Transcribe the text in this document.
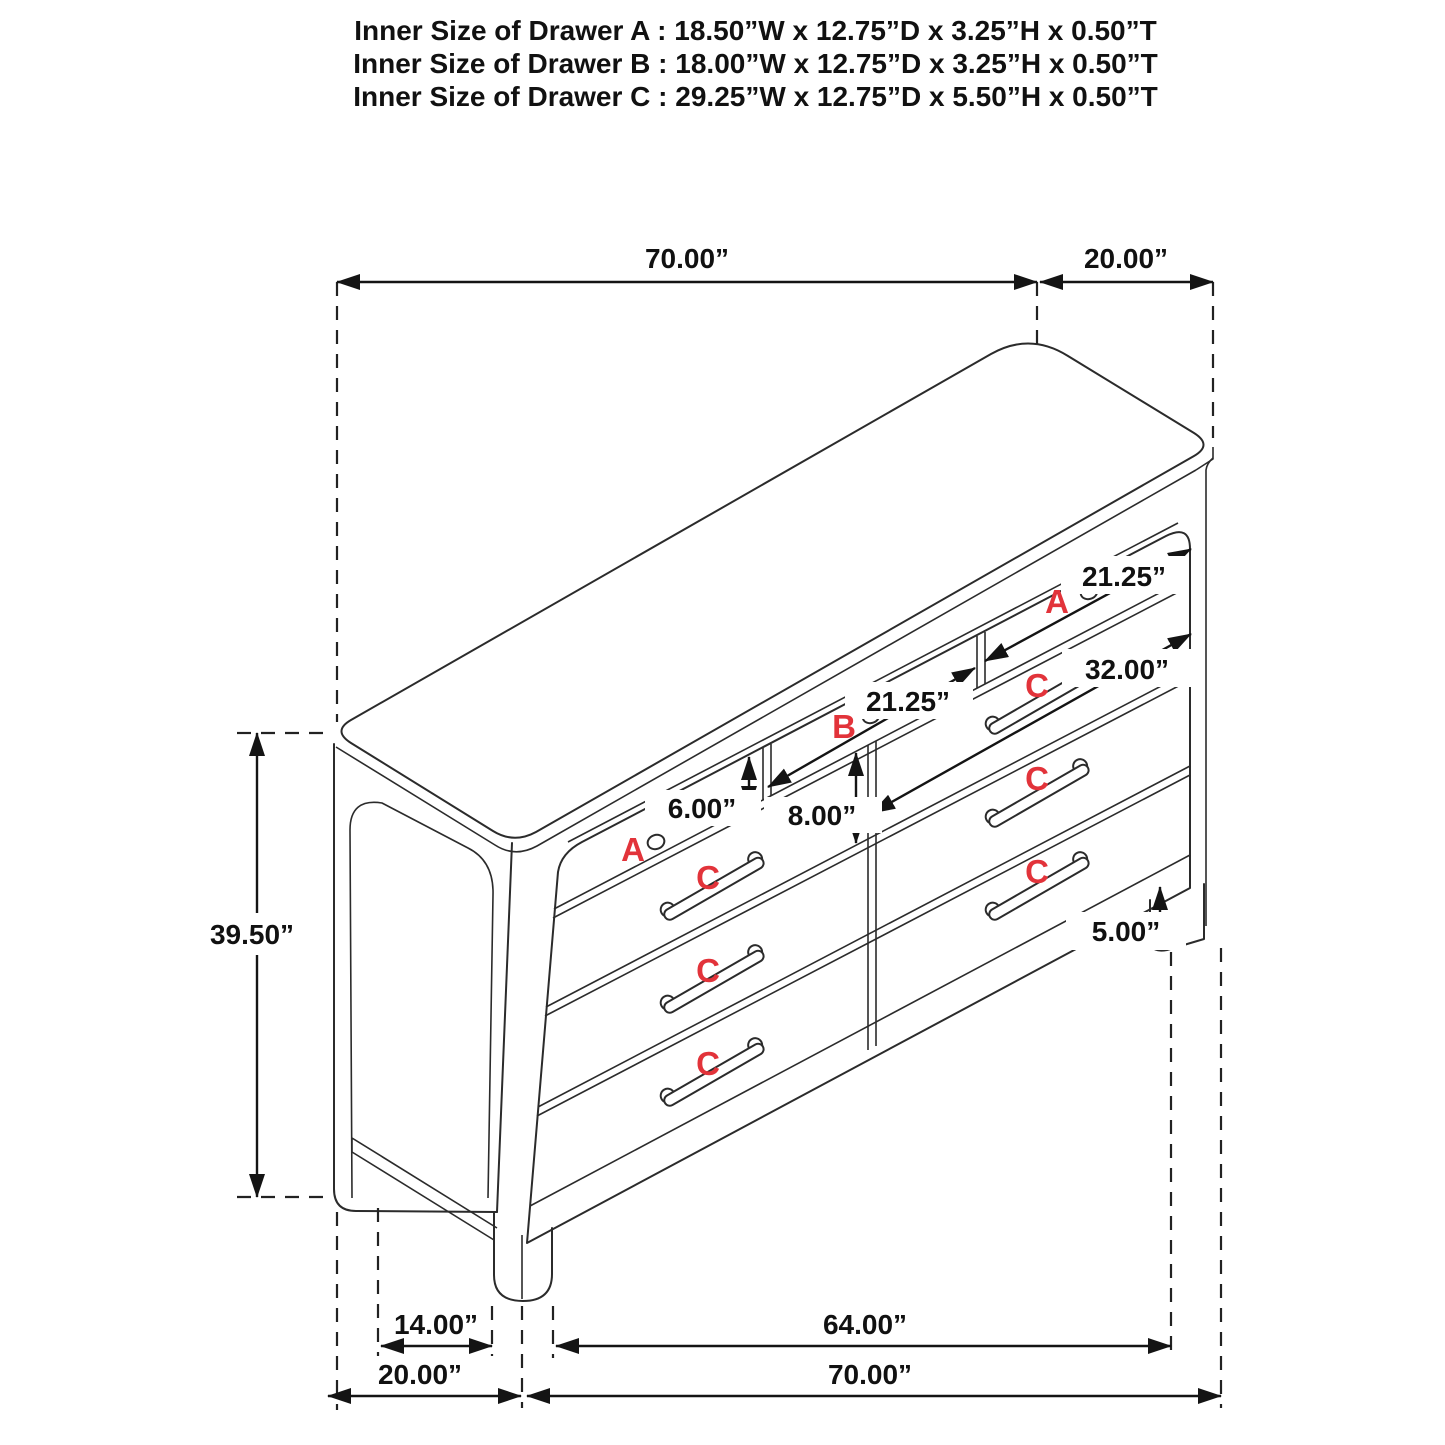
Inner Size of Drawer A : 18.50”W x 12.75”D x 3.25”H x 0.50”T
Inner Size of Drawer B : 18.00”W x 12.75”D x 3.25”H x 0.50”T
Inner Size of Drawer C : 29.25”W x 12.75”D x 5.50”H x 0.50”T
70.00”	20.00”
39.50”
21.25”
21.25”
32.00”
6.00” 8.00”
5.00”
14.00”	64.00”
20.00”	70.00”
A
B
A
C
C
C
C
C
C
